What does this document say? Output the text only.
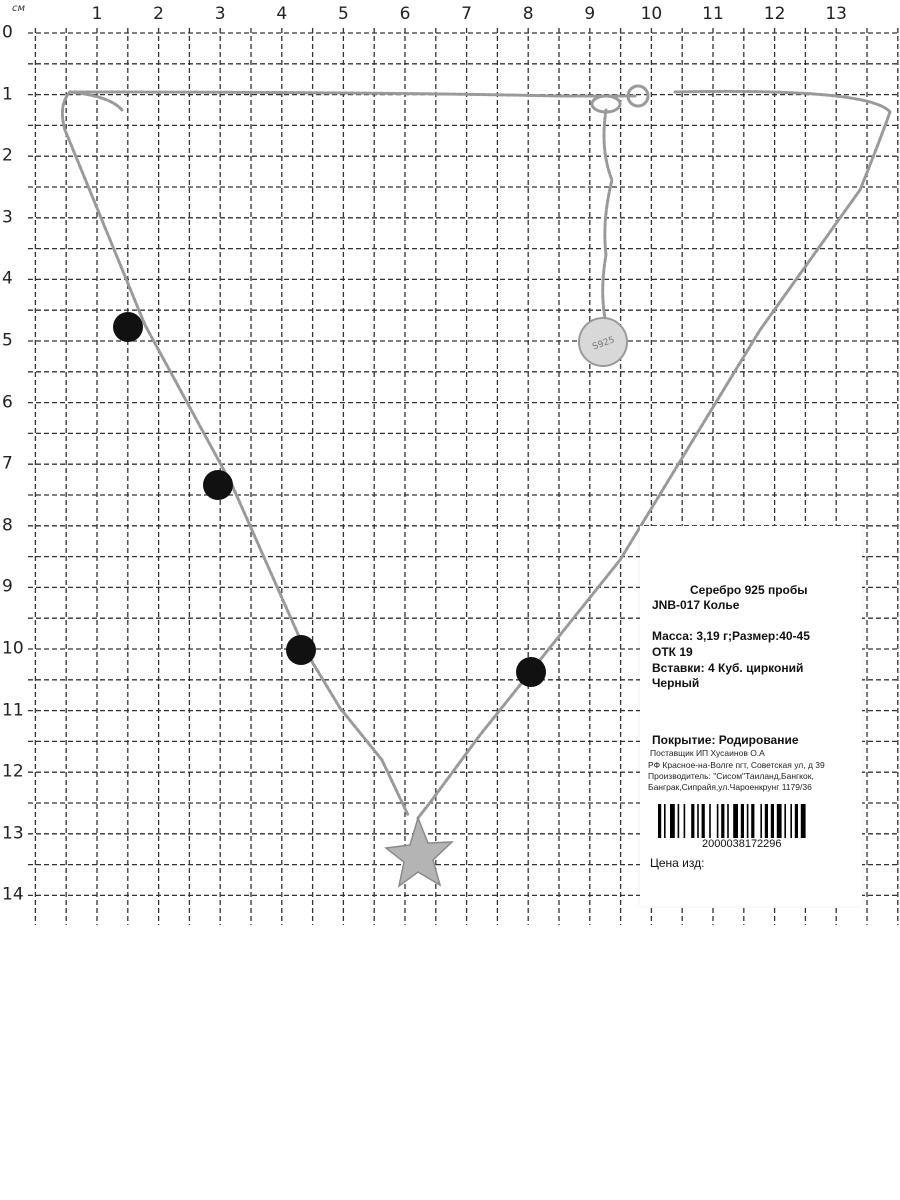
S925
см	1	2	3	4	5	6	7	8	9	10 11 12 13
0
1
2
3
4
5
6
7
8
9
10
11
12
13
14
Серебро 925 пробы
JNB-017 Колье
Масса: 3,19 г;Размер:40-45
ОТК 19
Вставки: 4 Куб. цирконий
Черный
Покрытие: Родирование
Поставщик ИП Хусаинов О.А
РФ Красное-на-Волге пгт, Советская ул, д 39
Производитель: "Сисом"Таиланд,Бангкок,
Банграк,Сипрайя,ул.Чароенкрунг 1179/36
2000038172296
Цена изд:
